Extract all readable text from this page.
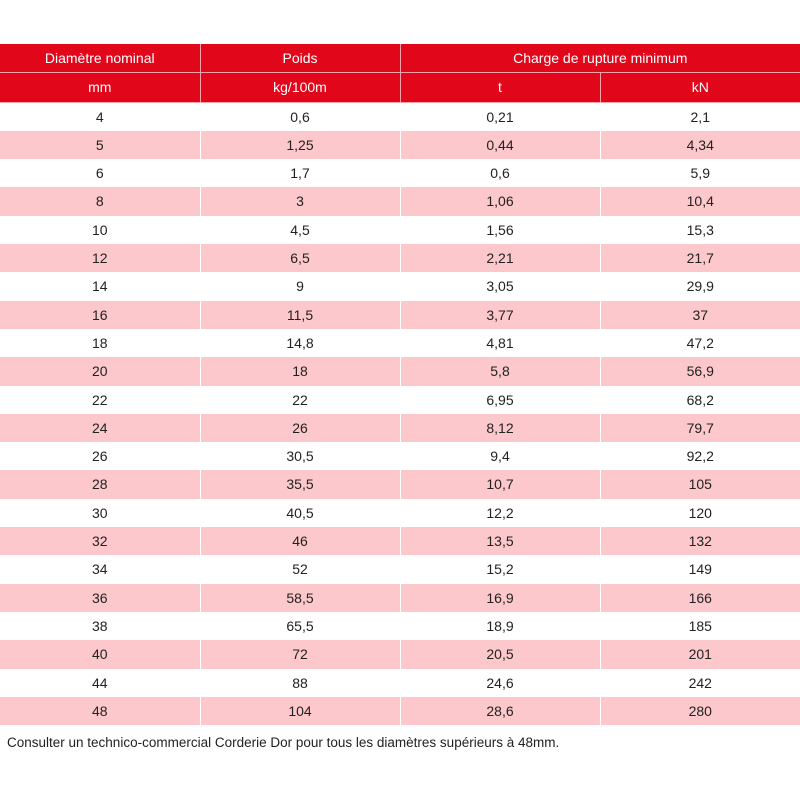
Diamètre nominal	Poids	Charge de rupture minimum	
mm	kg/100m	t	kN
4	0,6	0,21	2,1
5	1,25	0,44	4,34
6	1,7	0,6	5,9
8	3	1,06	10,4
10	4,5	1,56	15,3
12	6,5	2,21	21,7
14	9	3,05	29,9
16	11,5	3,77	37
18	14,8	4,81	47,2
20	18	5,8	56,9
22	22	6,95	68,2
24	26	8,12	79,7
26	30,5	9,4	92,2
28	35,5	10,7	105
30	40,5	12,2	120
32	46	13,5	132
34	52	15,2	149
36	58,5	16,9	166
38	65,5	18,9	185
40	72	20,5	201
44	88	24,6	242
48	104	28,6	280
Consulter un technico-commercial Corderie Dor pour tous les diamètres supérieurs à 48mm.
